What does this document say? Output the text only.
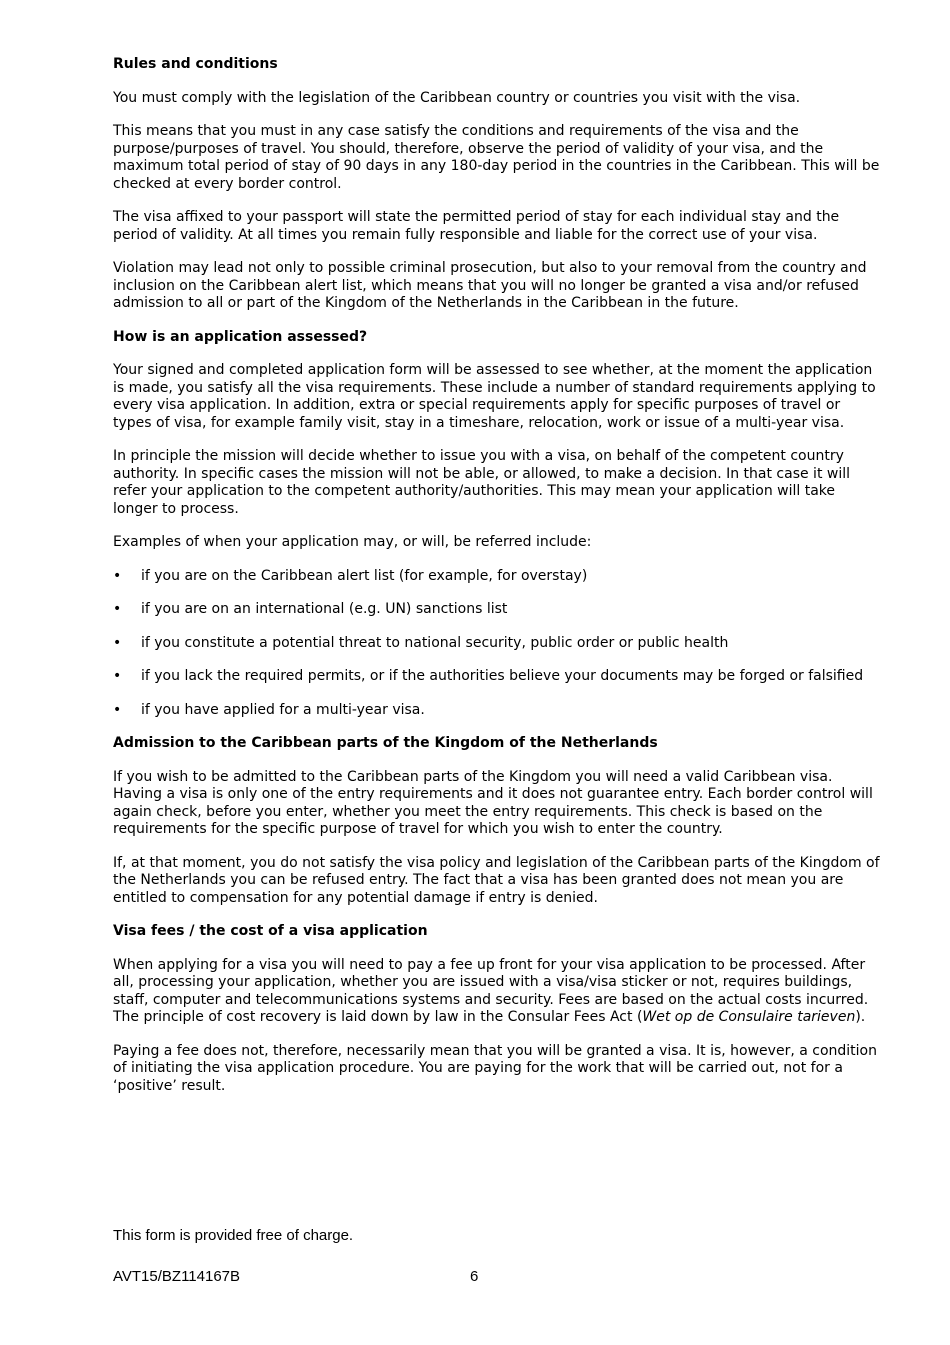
Rules and conditions

You must comply with the legislation of the Caribbean country or countries you visit with the visa.

This means that you must in any case satisfy the conditions and requirements of the visa and the purpose/purposes of travel. You should, therefore, observe the period of validity of your visa, and the maximum total period of stay of 90 days in any 180-day period in the countries in the Caribbean. This will be checked at every border control.

The visa affixed to your passport will state the permitted period of stay for each individual stay and the period of validity. At all times you remain fully responsible and liable for the correct use of your visa.

Violation may lead not only to possible criminal prosecution, but also to your removal from the country and inclusion on the Caribbean alert list, which means that you will no longer be granted a visa and/or refused admission to all or part of the Kingdom of the Netherlands in the Caribbean in the future.

How is an application assessed?

Your signed and completed application form will be assessed to see whether, at the moment the application is made, you satisfy all the visa requirements. These include a number of standard requirements applying to every visa application. In addition, extra or special requirements apply for specific purposes of travel or types of visa, for example family visit, stay in a timeshare, relocation, work or issue of a multi-year visa.

In principle the mission will decide whether to issue you with a visa, on behalf of the competent country authority. In specific cases the mission will not be able, or allowed, to make a decision. In that case it will refer your application to the competent authority/authorities. This may mean your application will take longer to process.

Examples of when your application may, or will, be referred include:

•	if you are on the Caribbean alert list (for example, for overstay)
•	if you are on an international (e.g. UN) sanctions list
•	if you constitute a potential threat to national security, public order or public health
•	if you lack the required permits, or if the authorities believe your documents may be forged or falsified
•	if you have applied for a multi-year visa.
Admission to the Caribbean parts of the Kingdom of the Netherlands

If you wish to be admitted to the Caribbean parts of the Kingdom you will need a valid Caribbean visa. Having a visa is only one of the entry requirements and it does not guarantee entry. Each border control will again check, before you enter, whether you meet the entry requirements. This check is based on the requirements for the specific purpose of travel for which you wish to enter the country.

If, at that moment, you do not satisfy the visa policy and legislation of the Caribbean parts of the Kingdom of the Netherlands you can be refused entry. The fact that a visa has been granted does not mean you are entitled to compensation for any potential damage if entry is denied.

Visa fees / the cost of a visa application

When applying for a visa you will need to pay a fee up front for your visa application to be processed. After all, processing your application, whether you are issued with a visa/visa sticker or not, requires buildings, staff, computer and telecommunications systems and security. Fees are based on the actual costs incurred. The principle of cost recovery is laid down by law in the Consular Fees Act (Wet op de Consulaire tarieven).

Paying a fee does not, therefore, necessarily mean that you will be granted a visa. It is, however, a condition of initiating the visa application procedure. You are paying for the work that will be carried out, not for a ‘positive’ result.

This form is provided free of charge.
AVT15/BZ114167B	6
